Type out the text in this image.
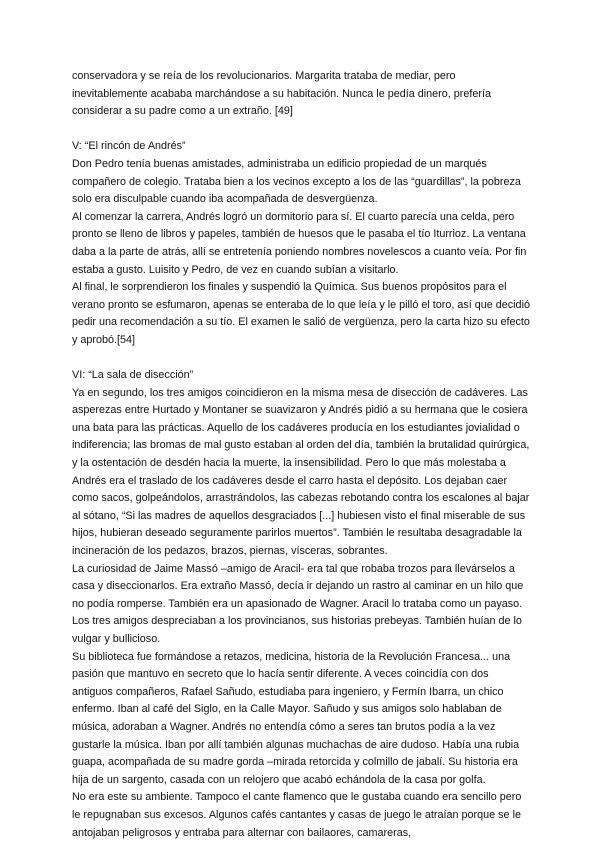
conservadora y se reía de los revolucionarios. Margarita trataba de mediar, pero inevitablemente acababa marchándose a su habitación. Nunca le pedía dinero, prefería considerar a su padre como a un extraño. [49]

V: “El rincón de Andrés”

Don Pedro tenía buenas amistades, administraba un edificio propiedad de un marqués compañero de colegio. Trataba bien a los vecinos excepto a los de las “guardillas”, la pobreza solo era disculpable cuando iba acompañada de desvergüenza.

Al comenzar la carrera, Andrés logró un dormitorio para sí. El cuarto parecía una celda, pero pronto se lleno de libros y papeles, también de huesos que le pasaba el tío Iturrioz. La ventana daba a la parte de atrás, allí se entretenía poniendo nombres novelescos a cuanto veía. Por fin estaba a gusto. Luisito y Pedro, de vez en cuando subían a visitarlo.

Al final, le sorprendieron los finales y suspendió la Química. Sus buenos propósitos para el verano pronto se esfumaron, apenas se enteraba de lo que leía y le pilló el toro, así que decidió pedir una recomendación a su tío. El examen le salió de vergüenza, pero la carta hizo su efecto y aprobó.[54]

VI: “La sala de disección”

Ya en segundo, los tres amigos coincidieron en la misma mesa de disección de cadáveres. Las asperezas entre Hurtado y Montaner se suavizaron y Andrés pidió a su hermana que le cosiera una bata para las prácticas. Aquello de los cadáveres producía en los estudiantes jovialidad o indiferencia; las bromas de mal gusto estaban al orden del día, también la brutalidad quirúrgica, y la ostentación de desdén hacia la muerte, la insensibilidad. Pero lo que más molestaba a Andrés era el traslado de los cadáveres desde el carro hasta el depósito. Los dejaban caer como sacos, golpeándolos, arrastrándolos, las cabezas rebotando contra los escalones al bajar al sótano, “Si las madres de aquellos desgraciados [...] hubiesen visto el final miserable de sus hijos, hubieran deseado seguramente parirlos muertos”. También le resultaba desagradable la incineración de los pedazos, brazos, piernas, vísceras, sobrantes.

La curiosidad de Jaime Massó –amigo de Aracil- era tal que robaba trozos para llevárselos a casa y diseccionarlos. Era extraño Massó, decía ir dejando un rastro al caminar en un hilo que no podía romperse. También era un apasionado de Wagner. Aracil lo trataba como un payaso. Los tres amigos despreciaban a los provincianos, sus historias prebeyas. También huían de lo vulgar y bullicioso.

Su biblioteca fue formándose a retazos, medicina, historia de la Revolución Francesa... una pasión que mantuvo en secreto que lo hacía sentir diferente. A veces coincidía con dos antiguos compañeros, Rafael Sañudo, estudiaba para ingeniero, y Fermín Ibarra, un chico enfermo. Iban al café del Siglo, en la Calle Mayor. Sañudo y sus amigos solo hablaban de música, adoraban a Wagner. Andrés no entendía cómo a seres tan brutos podía a la vez gustarle la música. Iban por allí también algunas muchachas de aire dudoso. Había una rubia guapa, acompañada de su madre gorda –mirada retorcida y colmillo de jabalí. Su historia era hija de un sargento, casada con un relojero que acabó echándola de la casa por golfa.

No era este su ambiente. Tampoco el cante flamenco que le gustaba cuando era sencillo pero le repugnaban sus excesos. Algunos cafés cantantes y casas de juego le atraían porque se le antojaban peligrosos y entraba para alternar con bailaores, camareras,
